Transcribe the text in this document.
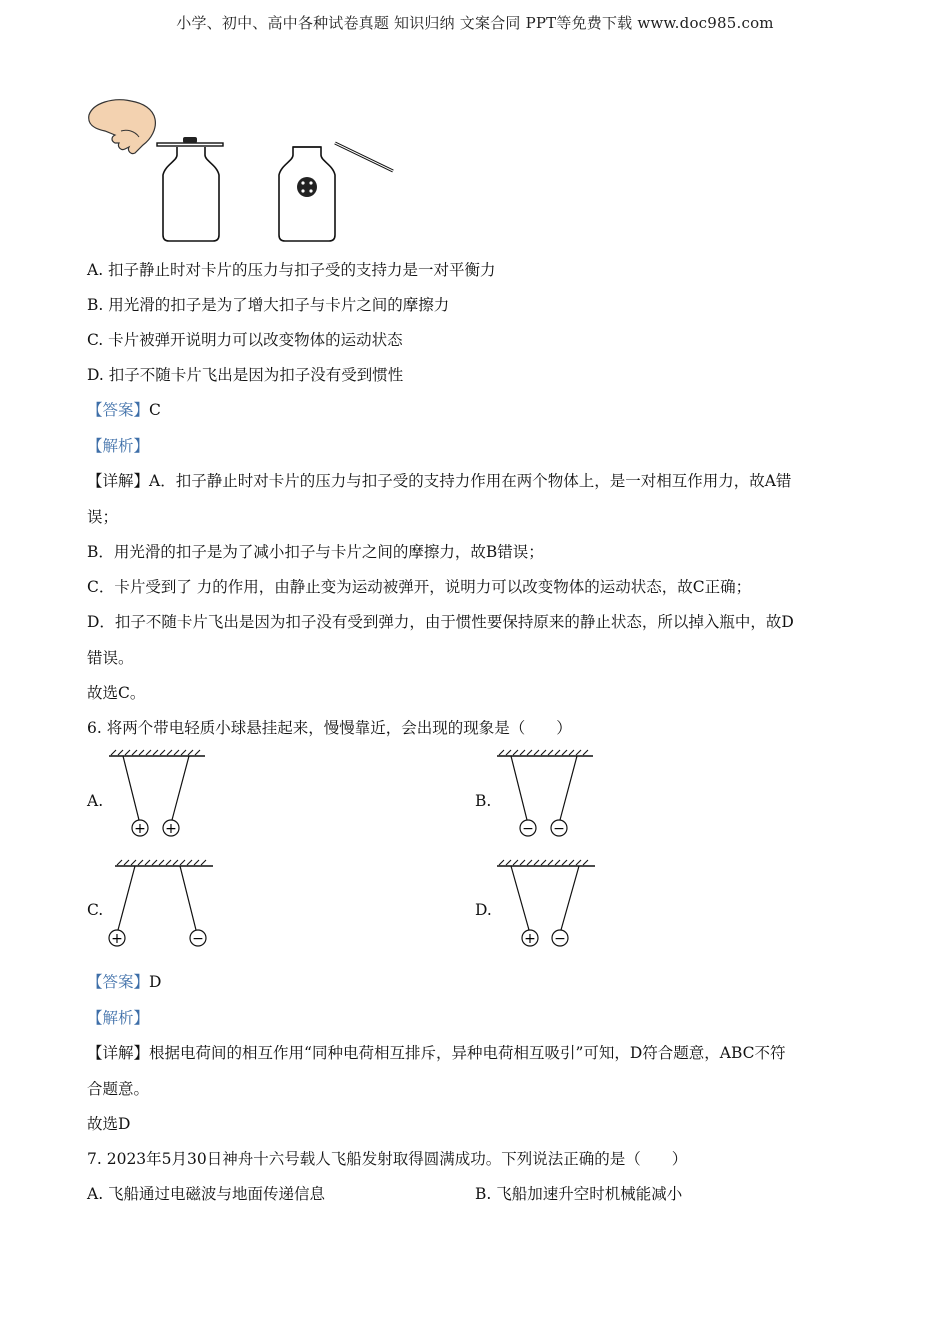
小学、初中、高中各种试卷真题 知识归纳 文案合同 PPT等免费下载 www.doc985.com
A. 扣子静止时对卡片的压力与扣子受的支持力是一对平衡力
B. 用光滑的扣子是为了增大扣子与卡片之间的摩擦力
C. 卡片被弹开说明力可以改变物体的运动状态
D. 扣子不随卡片飞出是因为扣子没有受到惯性
【答案】C
【解析】
【详解】A．扣子静止时对卡片的压力与扣子受的支持力作用在两个物体上，是一对相互作用力，故A错
误；
B．用光滑的扣子是为了减小扣子与卡片之间的摩擦力，故B错误；
C．卡片受到了 力的作用，由静止变为运动被弹开，说明力可以改变物体的运动状态，故C正确；
D．扣子不随卡片飞出是因为扣子没有受到弹力，由于惯性要保持原来的静止状态，所以掉入瓶中，故D
错误。
故选C。
6. 将两个带电轻质小球悬挂起来，慢慢靠近，会出现的现象是（　　）
A.	B.
C.	D.
+ +	− −
+	−	+ −
【答案】D
【解析】
【详解】根据电荷间的相互作用“同种电荷相互排斥，异种电荷相互吸引”可知，D符合题意，ABC不符
合题意。
故选D
7. 2023年5月30日神舟十六号载人飞船发射取得圆满成功。下列说法正确的是（　　）
A. 飞船通过电磁波与地面传递信息	B. 飞船加速升空时机械能减小
